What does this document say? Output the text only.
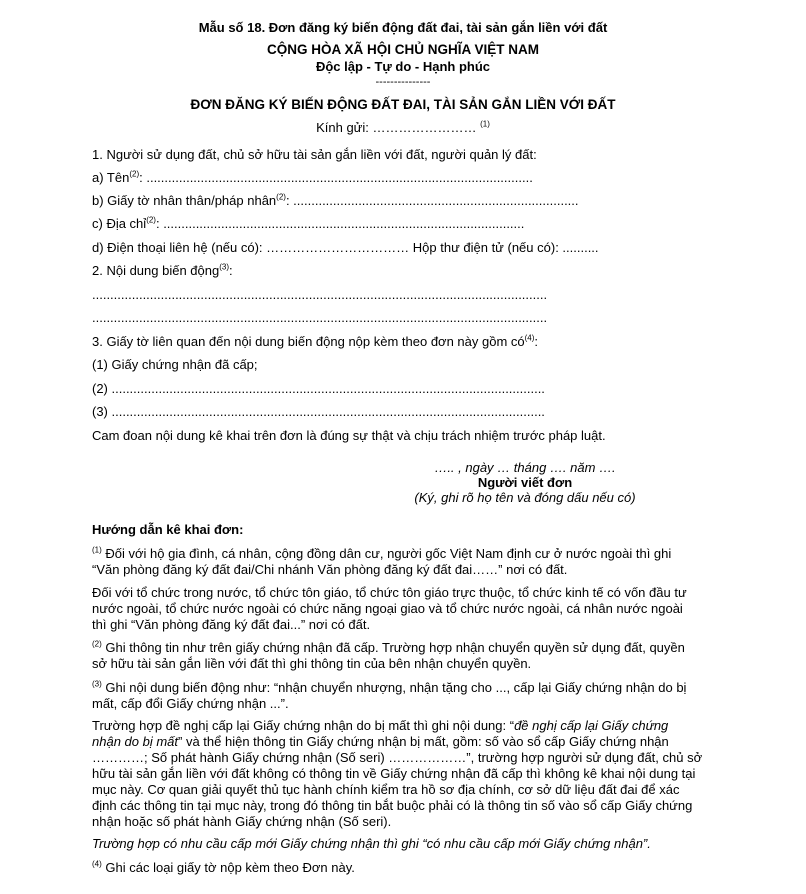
Mẫu số 18. Đơn đăng ký biến động đất đai, tài sản gắn liền với đất
CỘNG HÒA XÃ HỘI CHỦ NGHĨA VIỆT NAM
Độc lập - Tự do - Hạnh phúc
---------------
ĐƠN ĐĂNG KÝ BIẾN ĐỘNG ĐẤT ĐAI, TÀI SẢN GẮN LIỀN VỚI ĐẤT
Kính gửi: …………………… $^{(1)}$
1. Người sử dụng đất, chủ sở hữu tài sản gắn liền với đất, người quản lý đất:
a) Tên$^{(2)}$: ...........................................................................................................
b) Giấy tờ nhân thân/pháp nhân$^{(2)}$: ...............................................................................
c) Địa chỉ$^{(2)}$: ....................................................................................................
d) Điện thoại liên hệ (nếu có): …………………………… Hộp thư điện tử (nếu có): ..........
2. Nội dung biến động$^{(3)}$:
..............................................................................................................................
..............................................................................................................................
3. Giấy tờ liên quan đến nội dung biến động nộp kèm theo đơn này gồm $có^{(4)}$:
(1) Giấy chứng nhận đã cấp;
(2) ........................................................................................................................
(3) ........................................................................................................................
Cam đoan nội dung kê khai trên đơn là đúng sự thật và chịu trách nhiệm trước pháp luật.
….. , ngày … tháng …. năm ….
Người viết đơn
(Ký, ghi rõ họ tên và đóng dấu nếu có)
Hướng dẫn kê khai đơn:
$^{(1)}$ Đối với hộ gia đình, cá nhân, cộng đồng dân cư, người gốc Việt Nam định cư ở nước ngoài thì ghi
“Văn phòng đăng ký đất đai/Chi nhánh Văn phòng đăng ký đất đai……” nơi có đất.
Đối với tổ chức trong nước, tổ chức tôn giáo, tổ chức tôn giáo trực thuộc, tổ chức kinh tế có vốn đầu tư
nước ngoài, tổ chức nước ngoài có chức năng ngoại giao và tổ chức nước ngoài, cá nhân nước ngoài
thì ghi “Văn phòng đăng ký đất đai...” nơi có đất.
$^{(2)}$ Ghi thông tin như trên giấy chứng nhận đã cấp. Trường hợp nhận chuyển quyền sử dụng đất, quyền
sở hữu tài sản gắn liền với đất thì ghi thông tin của bên nhận chuyển quyền.
$^{(3)}$ Ghi nội dung biến động như: “nhận chuyển nhượng, nhận tặng cho ..., cấp lại Giấy chứng nhận do bị
mất, cấp đổi Giấy chứng nhận ...”.
Trường hợp đề nghị cấp lại Giấy chứng nhận do bị mất thì ghi nội dung: “đề nghị cấp lại Giấy chứng
nhận do bị mất” và thể hiện thông tin Giấy chứng nhận bị mất, gồm: số vào sổ cấp Giấy chứng nhận
…………; Số phát hành Giấy chứng nhận (Số seri) ………………”, trường hợp người sử dụng đất, chủ sở
hữu tài sản gắn liền với đất không có thông tin về Giấy chứng nhận đã cấp thì không kê khai nội dung tại
mục này. Cơ quan giải quyết thủ tục hành chính kiểm tra hồ sơ địa chính, cơ sở dữ liệu đất đai để xác
định các thông tin tại mục này, trong đó thông tin bắt buộc phải có là thông tin số vào sổ cấp Giấy chứng
nhận hoặc số phát hành Giấy chứng nhận (Số seri).
Trường hợp có nhu cầu cấp mới Giấy chứng nhận thì ghi “có nhu cầu cấp mới Giấy chứng nhận”.
$^{(4)}$ Ghi các loại giấy tờ nộp kèm theo Đơn này.
